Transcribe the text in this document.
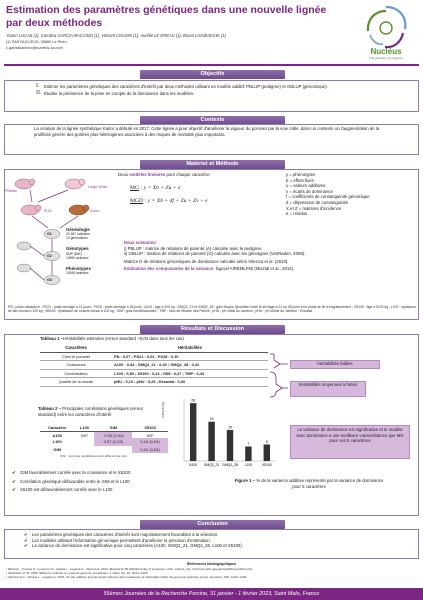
Estimation des paramètres génétiques dans une nouvelle lignée par deux méthodes
Yoann LUCAS (1), Carolina GARCIA-BACCINO (1), Vincent COUSIN (1), Aurélie LE DREAU (1), Bruno LIGNEISCHE (1)
(1) SAS NUCLEUS, 35650 Le Rheu
c.garciabaccino@nucleus-sa.com	Nucléus
The genetics for progress
Objectifs
I.	Estimer les paramètres génétiques des caractères d'intérêt par deux méthodes utilisant un modèle additif: PBLUP (pedigree) et GBLUP (génomique).
II. Étudier la pertinence de la prise en compte de la dominance dans les modèles.
Contexte
La création de la lignée synthétique Kador a débuté en 2017. Cette lignée a pour objectif d'améliorer la vigueur du porcelet par la voie mâle, dans un contexte où l'augmentation de la prolificité génère des portées plus hétérogènes associées à des risques de mortalité plus importants.
Matériel et Méthode
Piétrain
Large White
PLW	Duroc
G1
G2
G3
Généalogie
22 467 individus
10 générations
Génotypes
SNP (60K)
10590 animaux
Phénotypes
10590 animaux
Deux modèles linéaires pour chaque caractère:
MG : y = Xb + Zu + e
MGD : y = Xb + df + Zu + Zv + e
y = phénotypes
b = effets fixes
u = valeurs additives
v = écarts de dominance
f = coefficients de consanguinité génomique
d = dépression de consanguinité
X et Z = matrices d'incidence
e = résidus
Deux scénarios:
i) PBLUP : matrice de relations de parenté (A) calculée avec le pedigree.
ii) GBLUP : matrice de relations de parenté (G) calculée avec les génotypes (VanRaden, 2008).
Matrice D de relations génomiques de dominance calculée selon Vitezica et al. (2013).
Estimation des composantes de la variance: logiciel AIREMLF90 (Misztal et al., 2014).
PN : poids naissance ; PS21 : poids sevrage à 21 jours ; PS28 : poids sevrage à 28 jours ; A100 : âge à 100 kg ; GMQ2_21 et GMQ2_28 : gain Moyen Quotidien entre le sevrage à 21 ou 28 jours et le poids de fin d'engraissement ; X5100 : âge à 5100 kg ; L100 : épaisseur de lard dorsal à 100 kg ; M5100 : épaisseur de muscle dorsal à 100 kg ; GIM : gras IntraMusculaire ; TMP : taux de Muscle des Pièces ; pHU : pH initial du Jambon ; pHU : pH ultime du Jambon ; Exsudat
Résultats et Discussion
Tableau 1 –Héritabilités estimées (erreur standard ~0,03 dans tous les cas)
Caractères	Héritabilités
Chez le porcelet	PN : 0,07 ; PS21 : 0,04 ; PS28 : 0,10
Croissance	A100 : 0,34 ; GMQ2_21 : 0,40 ; GMQ2_28 : 0,41
Conformation	L100 : 0,53 ; X5100 : 0,42 ; GIM : 0,47 ; TMP : 0,43
Qualité de la viande	pHU : 0,13 ; pHU : 0,26 ; Exsudat : 0,30
héritabilités faibles
héritabilités moyennes à fortes
Tableau 2 – Principales corrélations génétiques (erreur standard) entre les caractères d'intérêt
Caractère	L100	GIM	X5100
A100	NS¹	-0,30 (0,04)	NS¹
L100		0,57 (0,03)	0,16 (0,04)
GIM			0,24 (0,04)
¹NS : n'est pas significativement différent de zéro
28
19
15
7
8
A100 GMQ2_21 GMQ2_28 L100	X5100
σ²D/σ²P (%)
Figure 1 – % de la variance additive représenté par la variance de dominance pour 5 caractères
La variance de dominance est significative et le modèle avec dominance a une meilleure vraisemblance que MG pour ces 5 caractères
✔	GIM favorablement corrélé avec la croissance et le X5100
✔	Corrélation génétique défavorable entre le GIM et le L100
✔	X5100 est défavorablement corrélé avec le L100
Conclusion
✔	Les paramètres génétiques des caractères d'intérêt sont majoritairement favorables à la sélection.
✔	Les modèles utilisant l'information génomique permettent d'améliorer la précision d'estimation.
✔	La variance de dominance est significative pour cinq caractères (A100, GMQ2_21, GMQ2_28, L100 et X5100).
Références bibliographiques
• Misztal I., Tsuruta S., Lourenco D., Aguilar I., Legarra A., Vitezica Z. 2014. Manual for BLUPF90 family of programs. UGA, Athens, GA. http://nce.ads.uga.edu/wiki/lib/exe/fetch.php
• VanRaden P. M. 2008. Efficient methods to compute genomic predictions. J. Dairy Sci. 91, 4414–4423.
• Vitezica Z.G., Varona L., Legarra A. 2013. On the additive and dominant variance and covariance of individuals within the genomic selection scope. Genetics, 195, 1223–1230.
55èmes Journées de la Recherche Porcine, 31 janvier - 1 février 2023, Saint Malo, France
